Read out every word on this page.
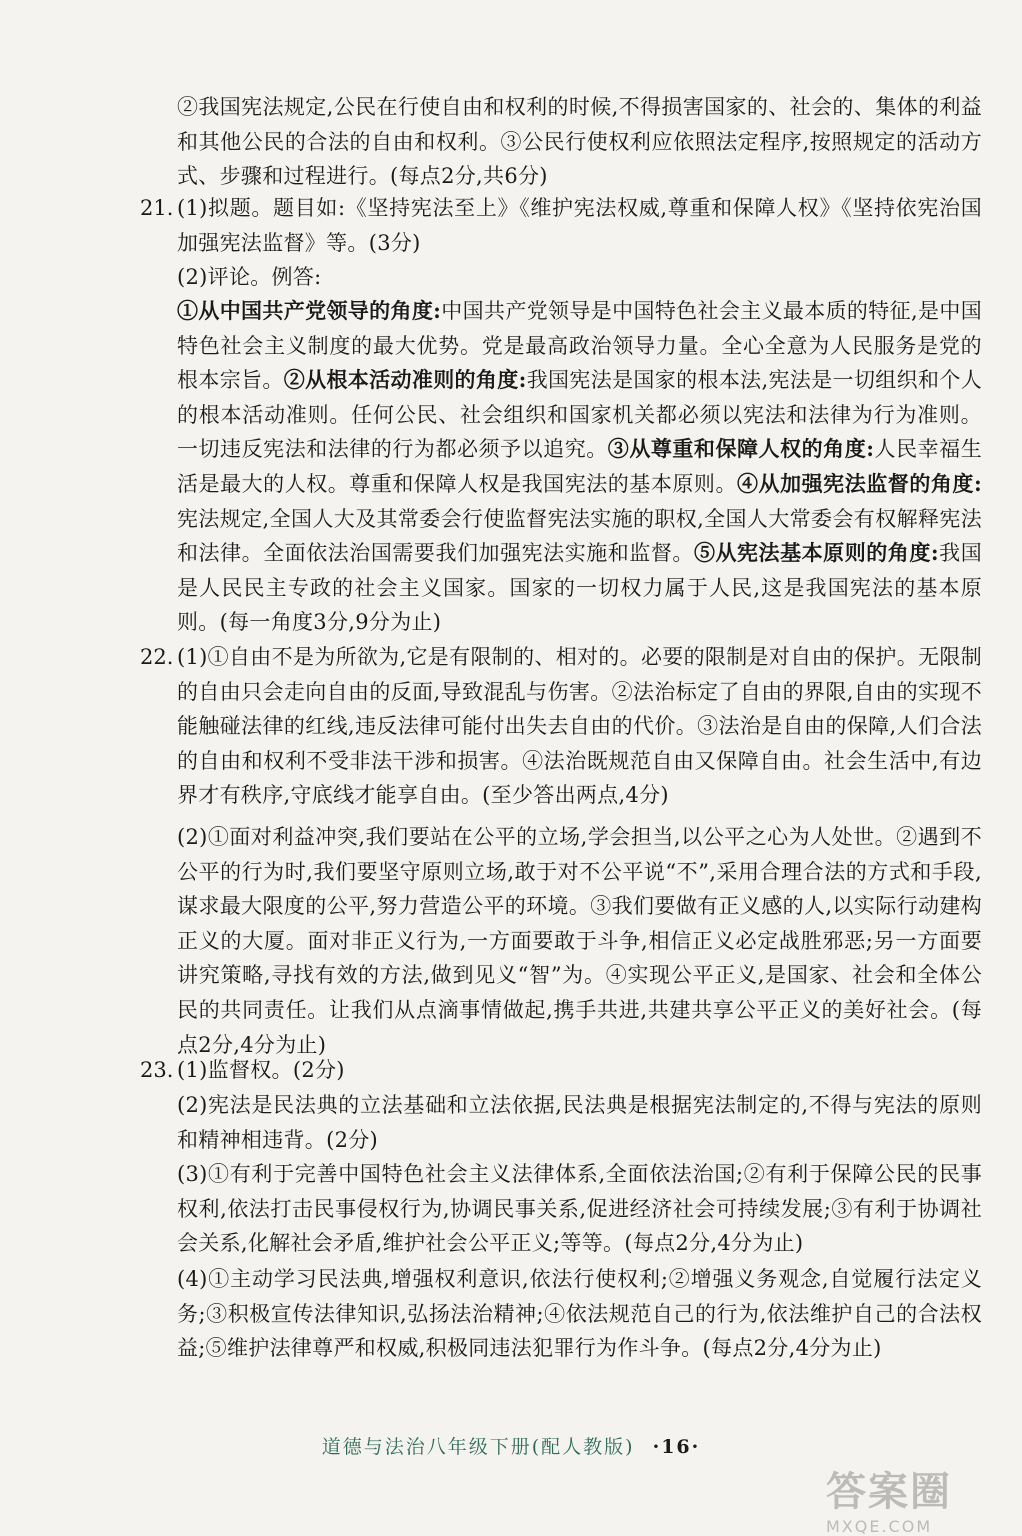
②我国宪法规定,公民在行使自由和权利的时候,不得损害国家的、社会的、集体的利益和其他公民的合法的自由和权利。③公民行使权利应依照法定程序,按照规定的活动方式、步骤和过程进行。(每点2分,共6分)
21. (1)拟题。题目如:《坚持宪法至上》《维护宪法权威,尊重和保障人权》《坚持依宪治国 加强宪法监督》等。(3分)
(2)评论。例答:
①从中国共产党领导的角度:中国共产党领导是中国特色社会主义最本质的特征,是中国特色社会主义制度的最大优势。党是最高政治领导力量。全心全意为人民服务是党的根本宗旨。②从根本活动准则的角度:我国宪法是国家的根本法,宪法是一切组织和个人的根本活动准则。任何公民、社会组织和国家机关都必须以宪法和法律为行为准则。一切违反宪法和法律的行为都必须予以追究。③从尊重和保障人权的角度:人民幸福生活是最大的人权。尊重和保障人权是我国宪法的基本原则。④从加强宪法监督的角度:宪法规定,全国人大及其常委会行使监督宪法实施的职权,全国人大常委会有权解释宪法和法律。全面依法治国需要我们加强宪法实施和监督。⑤从宪法基本原则的角度:我国是人民民主专政的社会主义国家。国家的一切权力属于人民,这是我国宪法的基本原则。(每一角度3分,9分为止)
22. (1)①自由不是为所欲为,它是有限制的、相对的。必要的限制是对自由的保护。无限制的自由只会走向自由的反面,导致混乱与伤害。②法治标定了自由的界限,自由的实现不能触碰法律的红线,违反法律可能付出失去自由的代价。③法治是自由的保障,人们合法的自由和权利不受非法干涉和损害。④法治既规范自由又保障自由。社会生活中,有边界才有秩序,守底线才能享自由。(至少答出两点,4分)
(2)①面对利益冲突,我们要站在公平的立场,学会担当,以公平之心为人处世。②遇到不公平的行为时,我们要坚守原则立场,敢于对不公平说“不”,采用合理合法的方式和手段,谋求最大限度的公平,努力营造公平的环境。③我们要做有正义感的人,以实际行动建构正义的大厦。面对非正义行为,一方面要敢于斗争,相信正义必定战胜邪恶;另一方面要讲究策略,寻找有效的方法,做到见义“智”为。④实现公平正义,是国家、社会和全体公民的共同责任。让我们从点滴事情做起,携手共进,共建共享公平正义的美好社会。(每点2分,4分为止)
23. (1)监督权。(2分)
(2)宪法是民法典的立法基础和立法依据,民法典是根据宪法制定的,不得与宪法的原则和精神相违背。(2分)
(3)①有利于完善中国特色社会主义法律体系,全面依法治国;②有利于保障公民的民事权利,依法打击民事侵权行为,协调民事关系,促进经济社会可持续发展;③有利于协调社会关系,化解社会矛盾,维护社会公平正义;等等。(每点2分,4分为止)
(4)①主动学习民法典,增强权利意识,依法行使权利;②增强义务观念,自觉履行法定义务;③积极宣传法律知识,弘扬法治精神;④依法规范自己的行为,依法维护自己的合法权益;⑤维护法律尊严和权威,积极同违法犯罪行为作斗争。(每点2分,4分为止)
道德与法治八年级下册(配人教版) ·16·
答案圈
MXQE.COM
